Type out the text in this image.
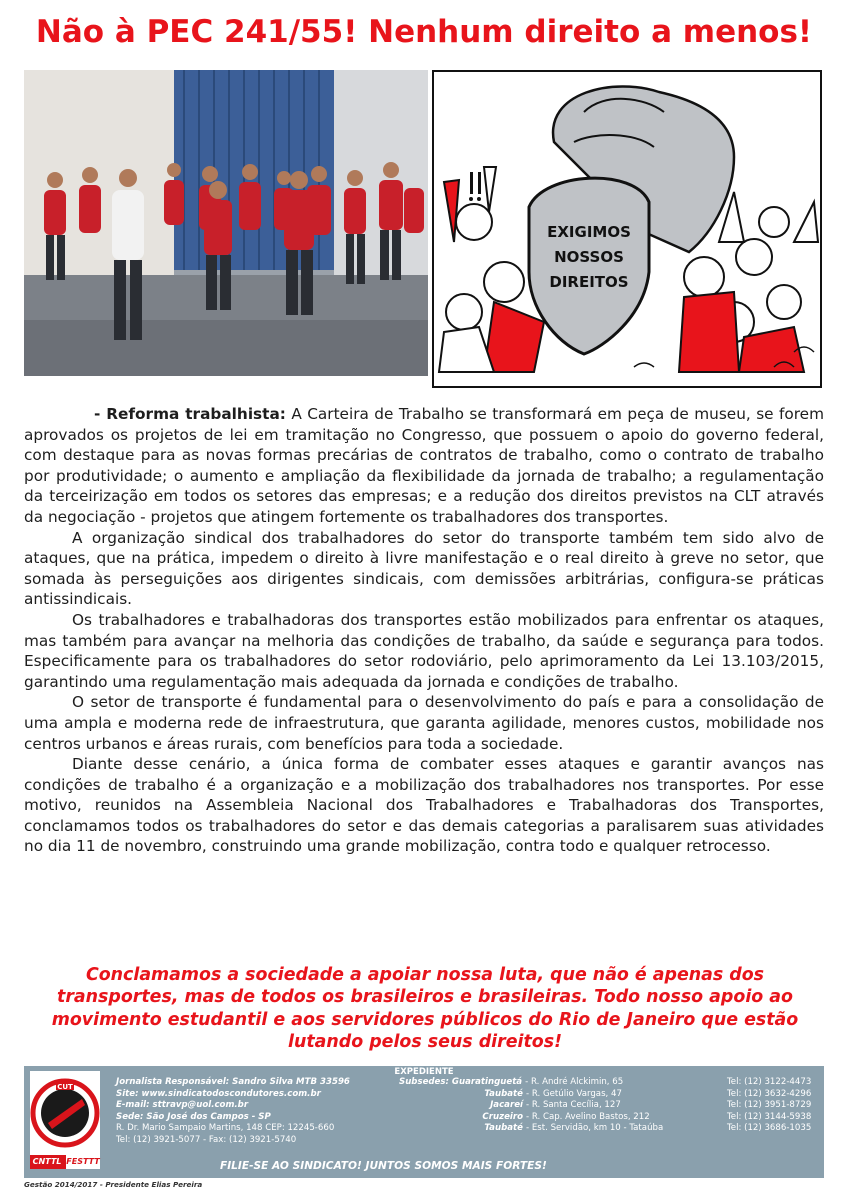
Não à PEC 241/55! Nenhum direito a menos!
EXIGIMOS
NOSSOS
DIREITOS

- Reforma trabalhista: A Carteira de Trabalho se transformará em peça de museu, se forem aprovados os projetos de lei em tramitação no Congresso, que possuem o apoio do governo federal, com destaque para as novas formas precárias de contratos de trabalho, como o contrato de trabalho por produtividade; o aumento e ampliação da flexibilidade da jornada de trabalho; a regulamentação da terceirização em todos os setores das empresas; e a redução dos direitos previstos na CLT através da negociação - projetos que atingem fortemente os trabalhadores dos transportes.

A organização sindical dos trabalhadores do setor do transporte também tem sido alvo de ataques, que na prática, impedem o direito à livre manifestação e o real direito à greve no setor, que somada às perseguições aos dirigentes sindicais, com demissões arbitrárias, configura-se práticas antissindicais.

Os trabalhadores e trabalhadoras dos transportes estão mobilizados para enfrentar os ataques, mas também para avançar na melhoria das condições de trabalho, da saúde e segurança para todos. Especificamente para os trabalhadores do setor rodoviário, pelo aprimoramento da Lei 13.103/2015, garantindo uma regulamentação mais adequada da jornada e condições de trabalho.

O setor de transporte é fundamental para o desenvolvimento do país e para a consolidação de uma ampla e moderna rede de infraestrutura, que garanta agilidade, menores custos, mobilidade nos centros urbanos e áreas rurais, com benefícios para toda a sociedade.

Diante desse cenário, a única forma de combater esses ataques e garantir avanços nas condições de trabalho é a organização e a mobilização dos trabalhadores nos transportes. Por esse motivo, reunidos na Assembleia Nacional dos Trabalhadores e Trabalhadoras dos Transportes, conclamamos todos os trabalhadores do setor e das demais categorias a paralisarem suas atividades no dia 11 de novembro, construindo uma grande mobilização, contra todo e qualquer retrocesso.

Conclamamos a sociedade a apoiar nossa luta, que não é apenas dos transportes, mas de todos os brasileiros e brasileiras. Todo nosso apoio ao movimento estudantil e aos servidores públicos do Rio de Janeiro que estão lutando pelos seus direitos!
EXPEDIENTE
CUT
CNTTL FESTTT
Jornalista Responsável: Sandro Silva MTB 33596
Site: www.sindicatodoscondutores.com.br
E-mail: sttravp@uol.com.br
Sede: São José dos Campos - SP
R. Dr. Mario Sampaio Martins, 148 CEP: 12245-660
Tel: (12) 3921-5077 - Fax: (12) 3921-5740
Subsedes: Guaratinguetá - R. André Alckimin, 65
Taubaté - R. Getúlio Vargas, 47
Jacareí - R. Santa Cecília, 127
Cruzeiro - R. Cap. Avelino Bastos, 212
Taubaté - Est. Servidão, km 10 - Tataúba
Tel: (12) 3122-4473
Tel: (12) 3632-4296
Tel: (12) 3951-8729
Tel: (12) 3144-5938
Tel: (12) 3686-1035
FILIE-SE AO SINDICATO! JUNTOS SOMOS MAIS FORTES!
Gestão 2014/2017 - Presidente Elias Pereira
